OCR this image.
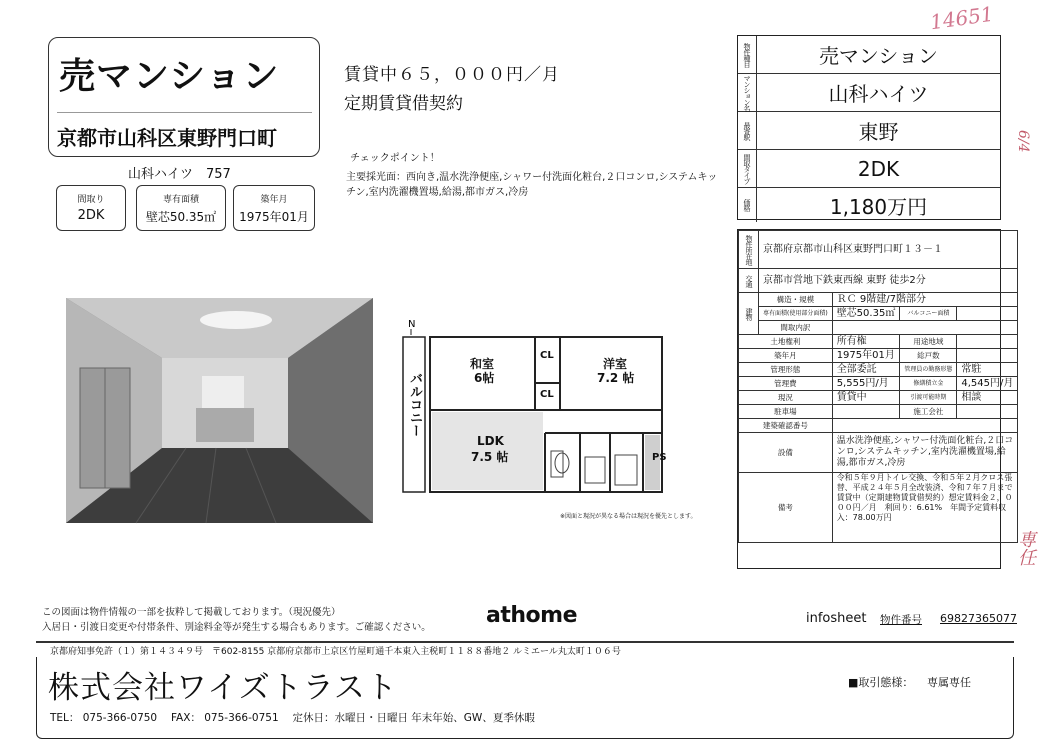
14651
売マンション
京都市山科区東野門口町
山科ハイツ　757
間取り
2DK
専有面積
壁芯50.35㎡
築年月
1975年01月
賃貸中６５，０００円／月
定期賃貸借契約
チェックポイント！
主要採光面：西向き,温水洗浄便座,シャワー付洗面化粧台,２口コンロ,システムキッチン,室内洗濯機置場,給湯,都市ガス,冷房
N
和室
6帖
洋室
7.2 帖
LDK
7.5 帖
CL
CL
PS
バルコニー
※図面と現況が異なる場合は現況を優先とします。
物件種目	売マンション
マンション名	山科ハイツ
最寄駅	東野
間取タイプ	2DK
価格	1,180万円
物件所在地	京都府京都市山科区東野門口町１３－１			

交通	京都市営地下鉄東西線 東野 徒歩2分			

建物	構造・規模	ＲＣ 9階建/7階部分		
	専有面積(使用部分面積)	壁芯50.35㎡	バルコニー面積	
	間取内訳			
土地権利		所有権	用途地域	
築年月		1975年01月	総戸数	
管理形態		全部委託	管理員の勤務形態	常駐
管理費		5,555円/月	修繕積立金	4,545円/月
現況		賃貸中	引渡可能時期	相談
駐車場			施工会社	
建築確認番号				
設備		温水洗浄便座,シャワー付洗面化粧台,２口コンロ,システムキッチン,室内洗濯機置場,給湯,都市ガス,冷房		
備考		令和５年９月トイレ交換、令和５年２月クロス張替、平成２４年５月全改装済、令和７年７月まで賃貸中（定期建物賃貸借契約）想定賃料金２，０００円／月　利回り：6.61%　年間予定賃料収入：78.00万円		
6/4
専任
この図面は物件情報の一部を抜粋して掲載しております。（現況優先）
入居日・引渡日変更や付帯条件、別途料金等が発生する場合もあります。ご確認ください。	athome	infosheet 物件番号 69827365077
京都府知事免許（１）第１４３４９号　〒602-8155 京都府京都市上京区竹屋町通千本東入主税町１１８８番地２ ルミエール丸太町１０６号
株式会社ワイズトラスト	■取引態様： 専属専任
TEL： 075-366-0750　 FAX： 075-366-0751　 定休日：水曜日・日曜日 年末年始、GW、夏季休暇
